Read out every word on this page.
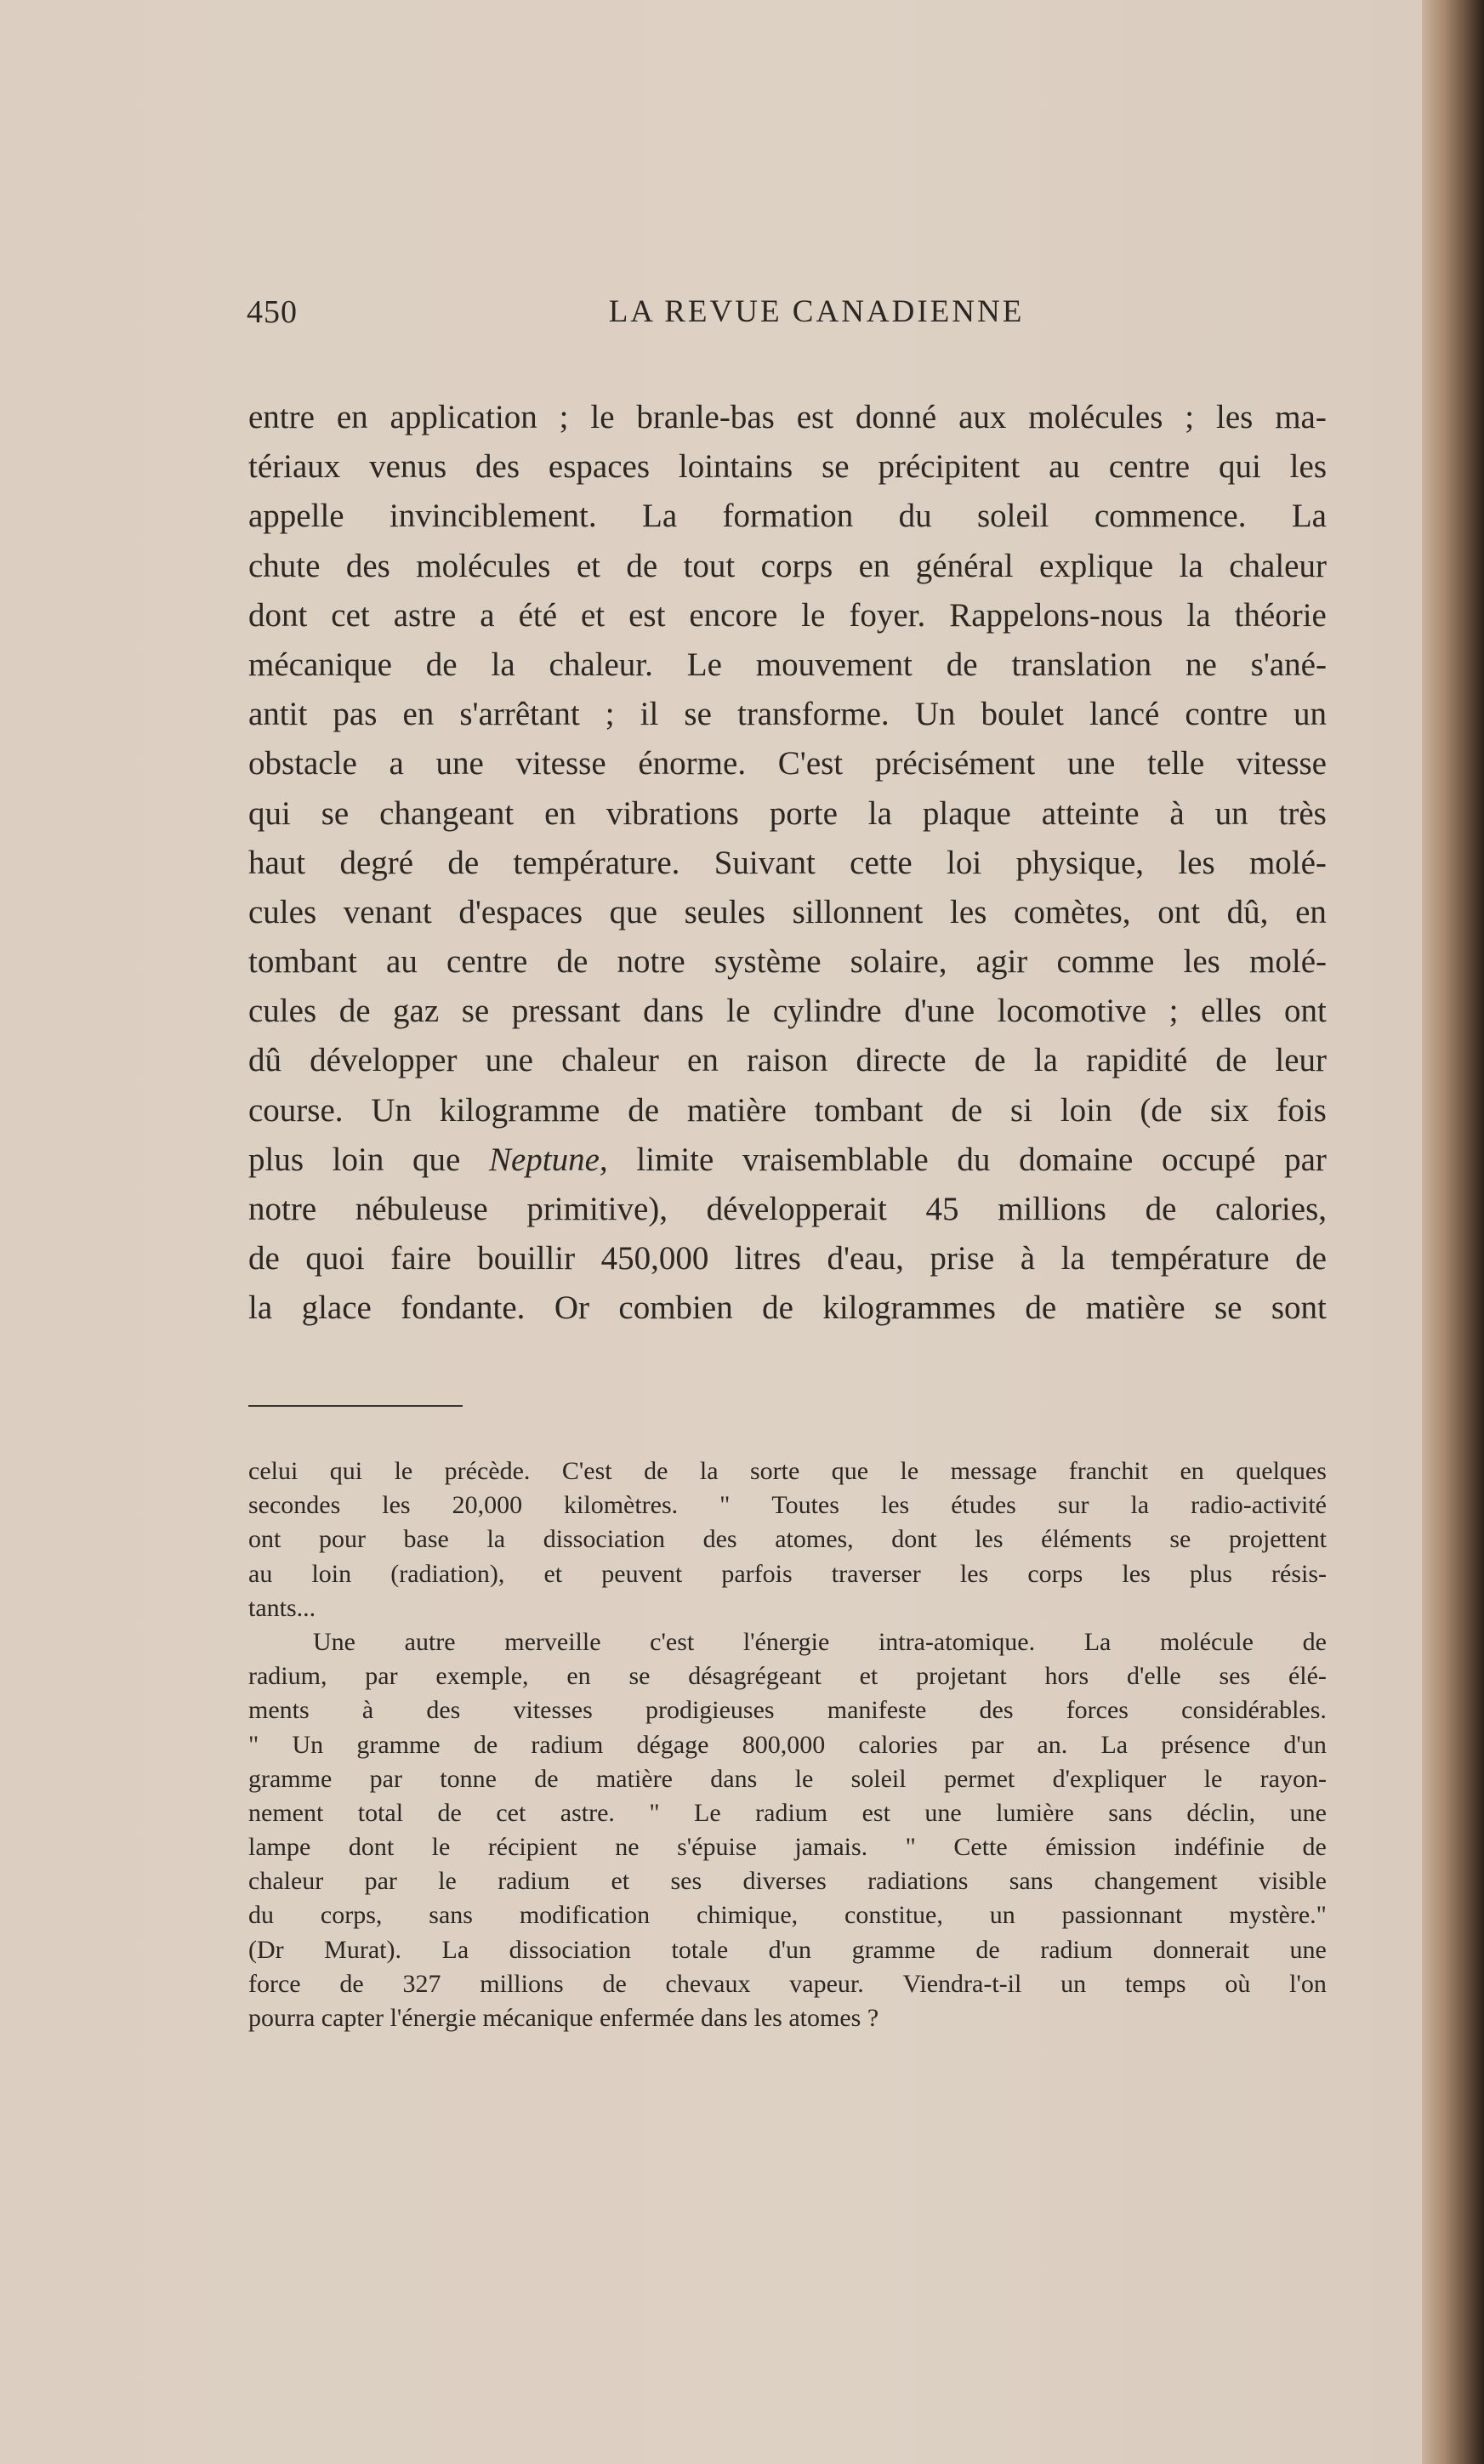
450	LA REVUE CANADIENNE
entre en application ; le branle-bas est donné aux molécules ; les ma-
tériaux venus des espaces lointains se précipitent au centre qui les
appelle invinciblement. La formation du soleil commence. La
chute des molécules et de tout corps en général explique la chaleur
dont cet astre a été et est encore le foyer. Rappelons-nous la théorie
mécanique de la chaleur. Le mouvement de translation ne s'ané-
antit pas en s'arrêtant ; il se transforme. Un boulet lancé contre un
obstacle a une vitesse énorme. C'est précisément une telle vitesse
qui se changeant en vibrations porte la plaque atteinte à un très
haut degré de température. Suivant cette loi physique, les molé-
cules venant d'espaces que seules sillonnent les comètes, ont dû, en
tombant au centre de notre système solaire, agir comme les molé-
cules de gaz se pressant dans le cylindre d'une locomotive ; elles ont
dû développer une chaleur en raison directe de la rapidité de leur
course. Un kilogramme de matière tombant de si loin (de six fois
plus loin que Neptune, limite vraisemblable du domaine occupé par
notre nébuleuse primitive), développerait 45 millions de calories,
de quoi faire bouillir 450,000 litres d'eau, prise à la température de
la glace fondante. Or combien de kilogrammes de matière se sont
celui qui le précède. C'est de la sorte que le message franchit en quelques
secondes les 20,000 kilomètres. " Toutes les études sur la radio-activité
ont pour base la dissociation des atomes, dont les éléments se projettent
au loin (radiation), et peuvent parfois traverser les corps les plus résis-
tants...
Une autre merveille c'est l'énergie intra-atomique. La molécule de
radium, par exemple, en se désagrégeant et projetant hors d'elle ses élé-
ments à des vitesses prodigieuses manifeste des forces considérables.
" Un gramme de radium dégage 800,000 calories par an. La présence d'un
gramme par tonne de matière dans le soleil permet d'expliquer le rayon-
nement total de cet astre. " Le radium est une lumière sans déclin, une
lampe dont le récipient ne s'épuise jamais. " Cette émission indéfinie de
chaleur par le radium et ses diverses radiations sans changement visible
du corps, sans modification chimique, constitue, un passionnant mystère."
(Dr Murat). La dissociation totale d'un gramme de radium donnerait une
force de 327 millions de chevaux vapeur. Viendra-t-il un temps où l'on
pourra capter l'énergie mécanique enfermée dans les atomes ?
